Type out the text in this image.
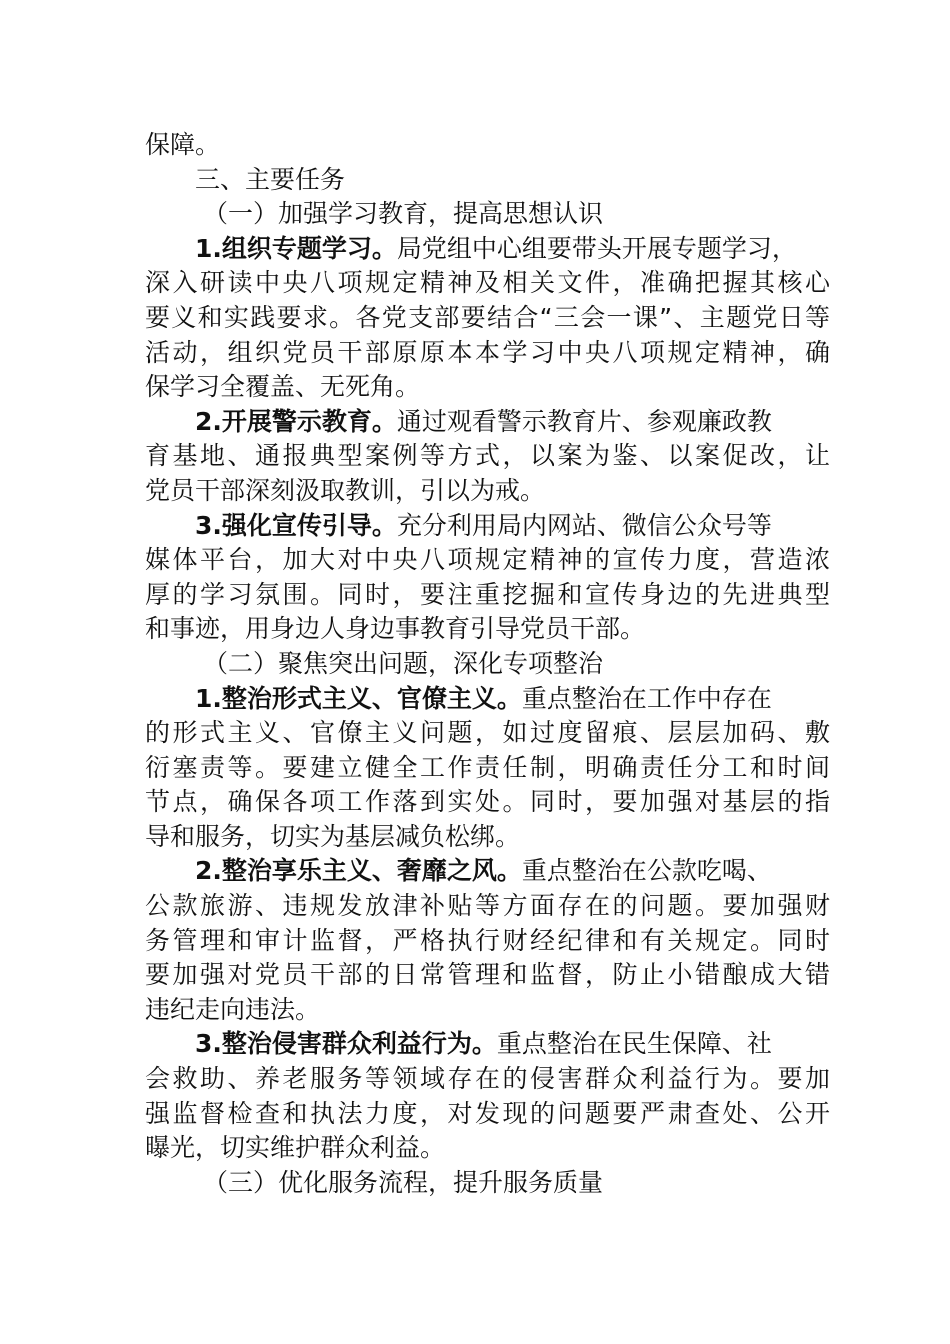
保障。
三、主要任务
（一）加强学习教育，提高思想认识
1.组织专题学习。局党组中心组要带头开展专题学习，
深入研读中央八项规定精神及相关文件，准确把握其核心
要义和实践要求。各党支部要结合“三会一课”、主题党日等
活动，组织党员干部原原本本学习中央八项规定精神，确
保学习全覆盖、无死角。
2.开展警示教育。通过观看警示教育片、参观廉政教
育基地、通报典型案例等方式，以案为鉴、以案促改，让
党员干部深刻汲取教训，引以为戒。
3.强化宣传引导。充分利用局内网站、微信公众号等
媒体平台，加大对中央八项规定精神的宣传力度，营造浓
厚的学习氛围。同时，要注重挖掘和宣传身边的先进典型
和事迹，用身边人身边事教育引导党员干部。
（二）聚焦突出问题，深化专项整治
1.整治形式主义、官僚主义。重点整治在工作中存在
的形式主义、官僚主义问题，如过度留痕、层层加码、敷
衍塞责等。要建立健全工作责任制，明确责任分工和时间
节点，确保各项工作落到实处。同时，要加强对基层的指
导和服务，切实为基层减负松绑。
2.整治享乐主义、奢靡之风。重点整治在公款吃喝、
公款旅游、违规发放津补贴等方面存在的问题。要加强财
务管理和审计监督，严格执行财经纪律和有关规定。同时
要加强对党员干部的日常管理和监督，防止小错酿成大错
违纪走向违法。
3.整治侵害群众利益行为。重点整治在民生保障、社
会救助、养老服务等领域存在的侵害群众利益行为。要加
强监督检查和执法力度，对发现的问题要严肃查处、公开
曝光，切实维护群众利益。
（三）优化服务流程，提升服务质量
